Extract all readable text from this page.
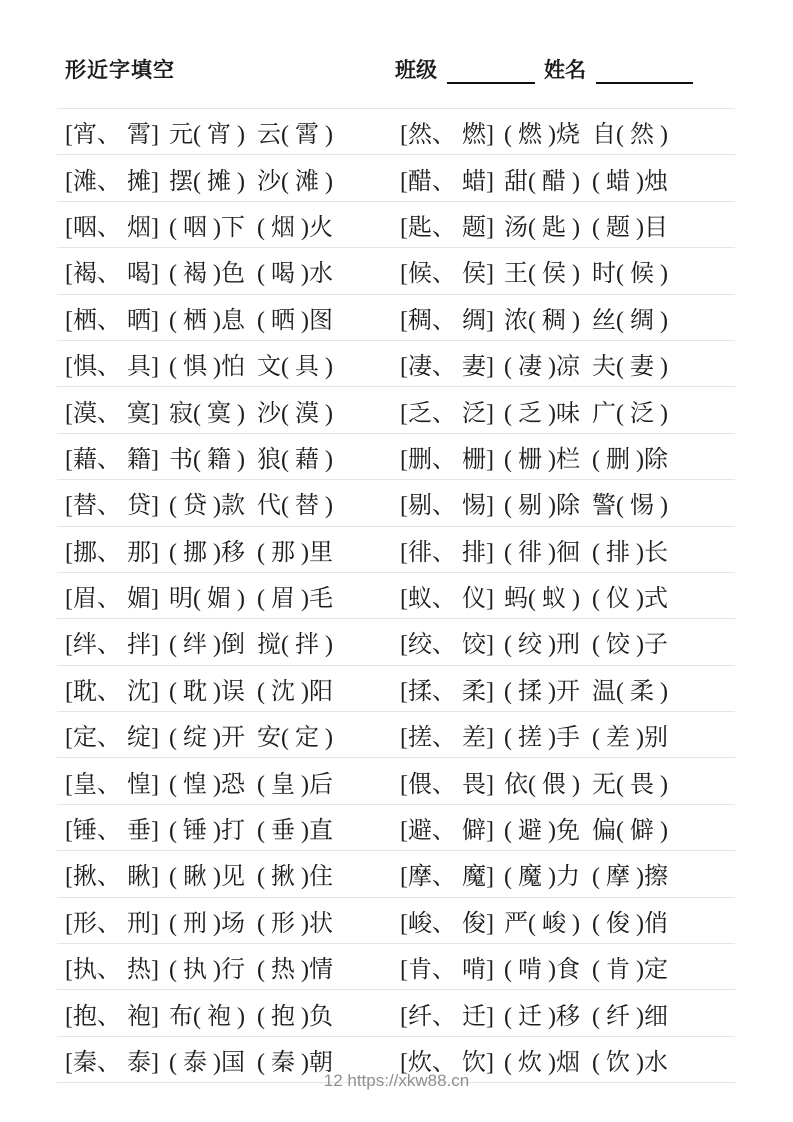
形近字填空	班级	姓名
[宵、 霄] 元( 宵 )  云( 霄 )	[然、 燃] ( 燃 )烧  自( 然 )
[滩、 摊] 摆( 摊 )  沙( 滩 )	[醋、 蜡] 甜( 醋 )  ( 蜡 )烛
[咽、 烟] ( 咽 )下  ( 烟 )火	[匙、 题] 汤( 匙 )  ( 题 )目
[褐、 喝] ( 褐 )色  ( 喝 )水	[候、 侯] 王( 侯 )  时( 候 )
[栖、 晒] ( 栖 )息  ( 晒 )图	[稠、 绸] 浓( 稠 )  丝( 绸 )
[惧、 具] ( 惧 )怕  文( 具 )	[凄、 妻] ( 凄 )凉  夫( 妻 )
[漠、 寞] 寂( 寞 )  沙( 漠 )	[乏、 泛] ( 乏 )味  广( 泛 )
[藉、 籍] 书( 籍 )  狼( 藉 )	[删、 栅] ( 栅 )栏  ( 删 )除
[替、 贷] ( 贷 )款  代( 替 )	[剔、 惕] ( 剔 )除  警( 惕 )
[挪、 那] ( 挪 )移  ( 那 )里	[徘、 排] ( 徘 )徊  ( 排 )长
[眉、 媚] 明( 媚 )  ( 眉 )毛	[蚁、 仪] 蚂( 蚁 )  ( 仪 )式
[绊、 拌] ( 绊 )倒  搅( 拌 )	[绞、 饺] ( 绞 )刑  ( 饺 )子
[耽、 沈] ( 耽 )误  ( 沈 )阳	[揉、 柔] ( 揉 )开  温( 柔 )
[定、 绽] ( 绽 )开  安( 定 )	[搓、 差] ( 搓 )手  ( 差 )别
[皇、 惶] ( 惶 )恐  ( 皇 )后	[偎、 畏] 依( 偎 )  无( 畏 )
[锤、 垂] ( 锤 )打  ( 垂 )直	[避、 僻] ( 避 )免  偏( 僻 )
[揪、 瞅] ( 瞅 )见  ( 揪 )住	[摩、 魔] ( 魔 )力  ( 摩 )擦
[形、 刑] ( 刑 )场  ( 形 )状	[峻、 俊] 严( 峻 )  ( 俊 )俏
[执、 热] ( 执 )行  ( 热 )情	[肯、 啃] ( 啃 )食  ( 肯 )定
[抱、 袍] 布( 袍 )  ( 抱 )负	[纤、 迁] ( 迁 )移  ( 纤 )细
[秦、 泰] ( 泰 )国  ( 秦 )朝	[炊、 饮] ( 炊 )烟  ( 饮 )水
12 https://xkw88.cn
